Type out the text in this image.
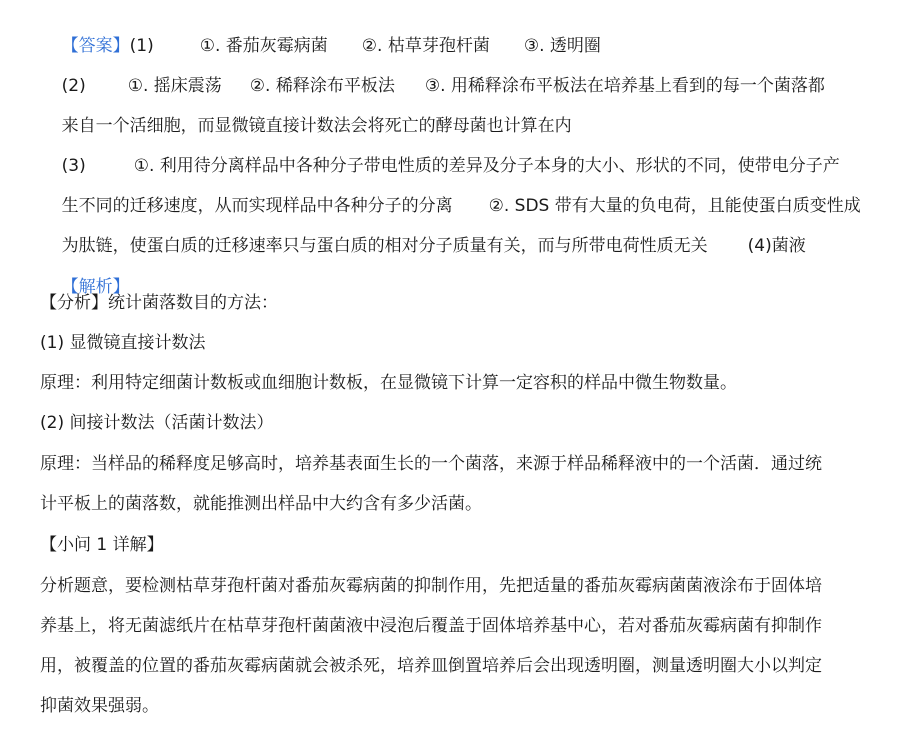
【答案】(1)	①. 番茄灰霉病菌 ②. 枯草芽孢杆菌 ③. 透明圈

(2) ①. 摇床震荡 ②. 稀释涂布平板法 ③. 用稀释涂布平板法在培养基上看到的每一个菌落都

来自一个活细胞，而显微镜直接计数法会将死亡的酵母菌也计算在内

(3)	①. 利用待分离样品中各种分子带电性质的差异及分子本身的大小、形状的不同，使带电分子产

生不同的迁移速度，从而实现样品中各种分子的分离 ②. SDS 带有大量的负电荷，且能使蛋白质变性成

为肽链，使蛋白质的迁移速率只与蛋白质的相对分子质量有关，而与所带电荷性质无关 (4)菌液

【解析】

【分析】统计菌落数目的方法：
(1) 显微镜直接计数法
原理：利用特定细菌计数板或血细胞计数板，在显微镜下计算一定容积的样品中微生物数量。
(2) 间接计数法（活菌计数法）
原理：当样品的稀释度足够高时，培养基表面生长的一个菌落，来源于样品稀释液中的一个活菌．通过统
计平板上的菌落数，就能推测出样品中大约含有多少活菌。
【小问 1 详解】
分析题意，要检测枯草芽孢杆菌对番茄灰霉病菌的抑制作用，先把适量的番茄灰霉病菌菌液涂布于固体培
养基上，将无菌滤纸片在枯草芽孢杆菌菌液中浸泡后覆盖于固体培养基中心，若对番茄灰霉病菌有抑制作
用，被覆盖的位置的番茄灰霉病菌就会被杀死，培养皿倒置培养后会出现透明圈，测量透明圈大小以判定
抑菌效果强弱。
